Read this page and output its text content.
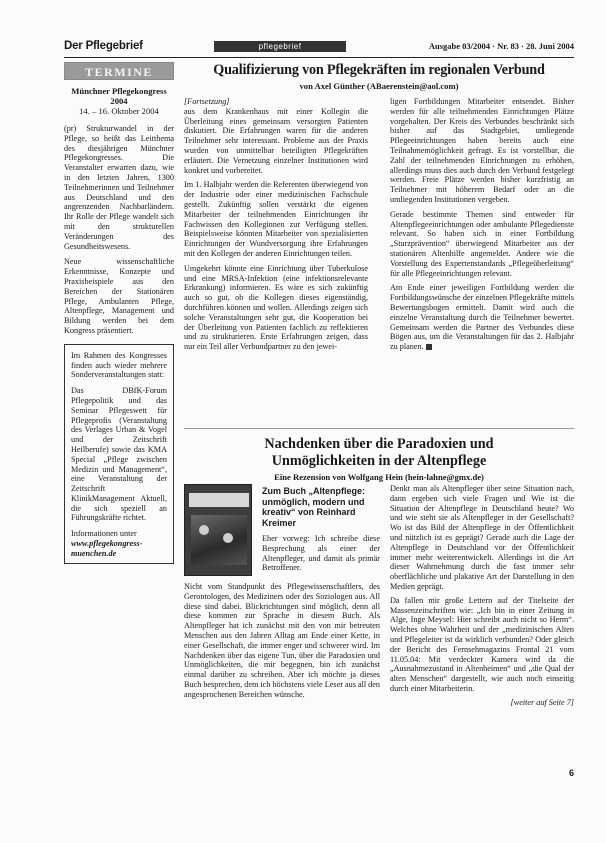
Der Pflegebrief	pflegebrief	Ausgabe 03/2004 · Nr. 83 · 28. Juni 2004
TERMINE
Münchner Pflegekongress 2004
14. – 16. Oktober 2004

(pr) Strukturwandel in der Pflege, so heißt das Leitthema des diesjährigen Münchner Pflegekongresses. Die Veranstalter erwarten dazu, wie in den letzten Jahren, 1300 Teilnehmerinnen und Teilnehmer aus Deutschland und den angrenzenden Nachbarländern. Ihr Rolle der Pflege wandelt sich mit den strukturellen Veränderungen des Gesundheitswesens.

Neue wissenschaftliche Erkenntnisse, Konzepte und Praxisbeispiele aus den Bereichen der Stationären Pflege, Ambulanten Pflege, Altenpflege, Management und Bildung werden bei dem Kongress präsentiert.

Im Rahmen des Kongresses finden auch wieder mehrere Sonderveranstaltungen statt:

Das DBfK-Forum Pflegepolitik und das Seminar Pflegeswett für Pflegeprofis (Veranstaltung des Verlages Urban & Vogel und der Zeitschrift Heilberufe) sowie das KMA Special „Pflege zwischen Medizin und Management“, eine Veranstaltung der Zeitschrift KlinikManagement Aktuell, die sich speziell an Führungskräfte richtet.

Informationen unter
www.pflegekongress-muenchen.de

Qualifizierung von Pflegekräften im regionalen Verbund
von Axel Günther (ABaerenstein@aol.com)
[Fortsetzung]

aus dem Krankenhaus mit einer Kollegin die Überleitung eines gemeinsam versorgten Patienten diskutiert. Die Erfahrungen waren für die anderen Teilnehmer sehr interessant. Probleme aus der Praxis wurden von unmittelbar beteiligten Pflegekräften erläutert. Die Vernetzung einzelner Institutionen wird konkret und vorbereitet.

Im 1. Halbjahr werden die Referenten überwiegend von der Industrie oder einer medizinischen Fachschule gestellt. Zukünftig sollen verstärkt die eigenen Mitarbeiter der teilnehmenden Einrichtungen ihr Fachwissen den Kolleginnen zur Verfügung stellen. Beispielsweise könnten Mitarbeiter von spezialisierten Einrichtungen der Wundversorgung ihre Erfahrungen mit den Kollegen der anderen Einrichtungen teilen.

Umgekehrt könnte eine Einrichtung über Tuberkulose und eine MRSA-Infektion (eine infektionsrelevante Erkrankung) informieren. Es wäre es sich zukünftig auch so gut, ob die Kollegen dieses eigenständig, durchführen können und wollen. Allerdings zeigen sich solche Veranstaltungen sehr gut, die Kooperation bei der Überleitung von Patienten fachlich zu reflektieren und zu strukturieren. Erste Erfahrungen zeigen, dass nur ein Teil aller Verbundpartner zu den jewei-

ligen Fortbildungen Mitarbeiter entsendet. Bisher werden für alle teilnehmenden Einrichtungen Plätze vorgehalten. Der Kreis des Verbundes beschränkt sich bisher auf das Stadtgebiet, umliegende Pflegeeinrichtungen haben bereits auch eine Teilnahmemöglichkeit gefragt. Es ist vorstellbar, die Zahl der teilnehmenden Einrichtungen zu erhöhen, allerdings muss dies auch durch den Verbund festgelegt werden. Freie Plätze werden bisher kurzfristig an Teilnehmer mit höherem Bedarf oder an die umliegenden Institutionen vergeben.

Gerade bestimmte Themen sind entweder für Altenpflegeeinrichtungen oder ambulante Pflegedienste relevant. So haben sich in einer Fortbildung „Sturzprävention“ überwiegend Mitarbeiter aus der stationären Altenhilfe angemeldet. Andere wie die Vorstellung des Expertenstandards „Pflegeüberleitung“ für alle Pflegeeinrichtungen relevant.

Am Ende einer jeweiligen Fortbildung werden die Fortbildungswünsche der einzelnen Pflegekräfte mittels Bewertungsbogen ermittelt. Damit wird auch die einzelne Veranstaltung durch die Teilnehmer bewertet. Gemeinsam werden die Partner des Verbundes diese Bögen aus, um die Veranstaltungen für das 2. Halbjahr zu planen.

Nachdenken über die Paradoxien und
Unmöglichkeiten in der Altenpflege
Eine Rezension von Wolfgang Hein (hein-lahne@gmx.de)
Zum Buch „Altenpflege: unmöglich, modern und kreativ“ von Reinhard Kreimer
Eher vorweg: Ich schreibe diese Besprechung als einer der Altenpfleger, und damit als primär Betroffener.
Nicht vom Standpunkt des Pflegewissenschaftlers, des Gerontologen, des Mediziners oder des Soziologen aus. All diese sind dabei. Blickrichtungen sind möglich, denn all diese kommen zur Sprache in diesem Buch. Als Altenpfleger hat ich zunächst mit den von mir betreuten Menschen aus den Jahren Alltag am Ende einer Kette, in einer Gesellschaft, die immer enger und schwerer wird. Im Nachdenken über das eigene Tun, über die Paradoxien und Unmöglichkeiten, die mir begegnen, bin ich zunächst einmal darüber zu schreiben. Aber ich möchte ja dieses Buch besprechen, dem ich höchstens viele Leser aus all den angesprochenen Bereichen wünsche.

Denkt man als Altenpfleger über seine Situation nach, dann ergeben sich viele Fragen und Wie ist die Situation der Altenpflege in Deutschland heute? Wo und wie steht sie als Altenpfleger in der Gesellschaft? Wo ist das Bild der Altenpflege in der Öffentlichkeit und nützlich ist es geprägt? Gerade auch die Lage der Altenpflege in Deutschland vor der Öffentlichkeit immer mehr weiterentwickelt. Allerdings ist die Art dieser Wahrnehmung durch die fast immer sehr oberflächliche und plakative Art der Darstellung in den Medien geprägt.

Da fallen mir große Lettern auf der Titelseite der Massenzeitschriften wie: „Ich bin in einer Zeitung in Alge, Inge Meysel: Hier schreibt auch nicht so Herm“. Welches ohne Wahrheit und der „medizinischen Alten und Pflegeleiter ist da wirklich verbunden? Oder gleich der Bericht des Fernsehmagazins Frontal 21 vom 11.05.04: Mit verdeckter Kamera wird da die „Ausnahmezustand in Altenheimen“ und „die Qual der alten Menschen“ dargestellt, wie auch noch einseitig durch einer Mitarbeiterin.

[weiter auf Seite 7]
6
